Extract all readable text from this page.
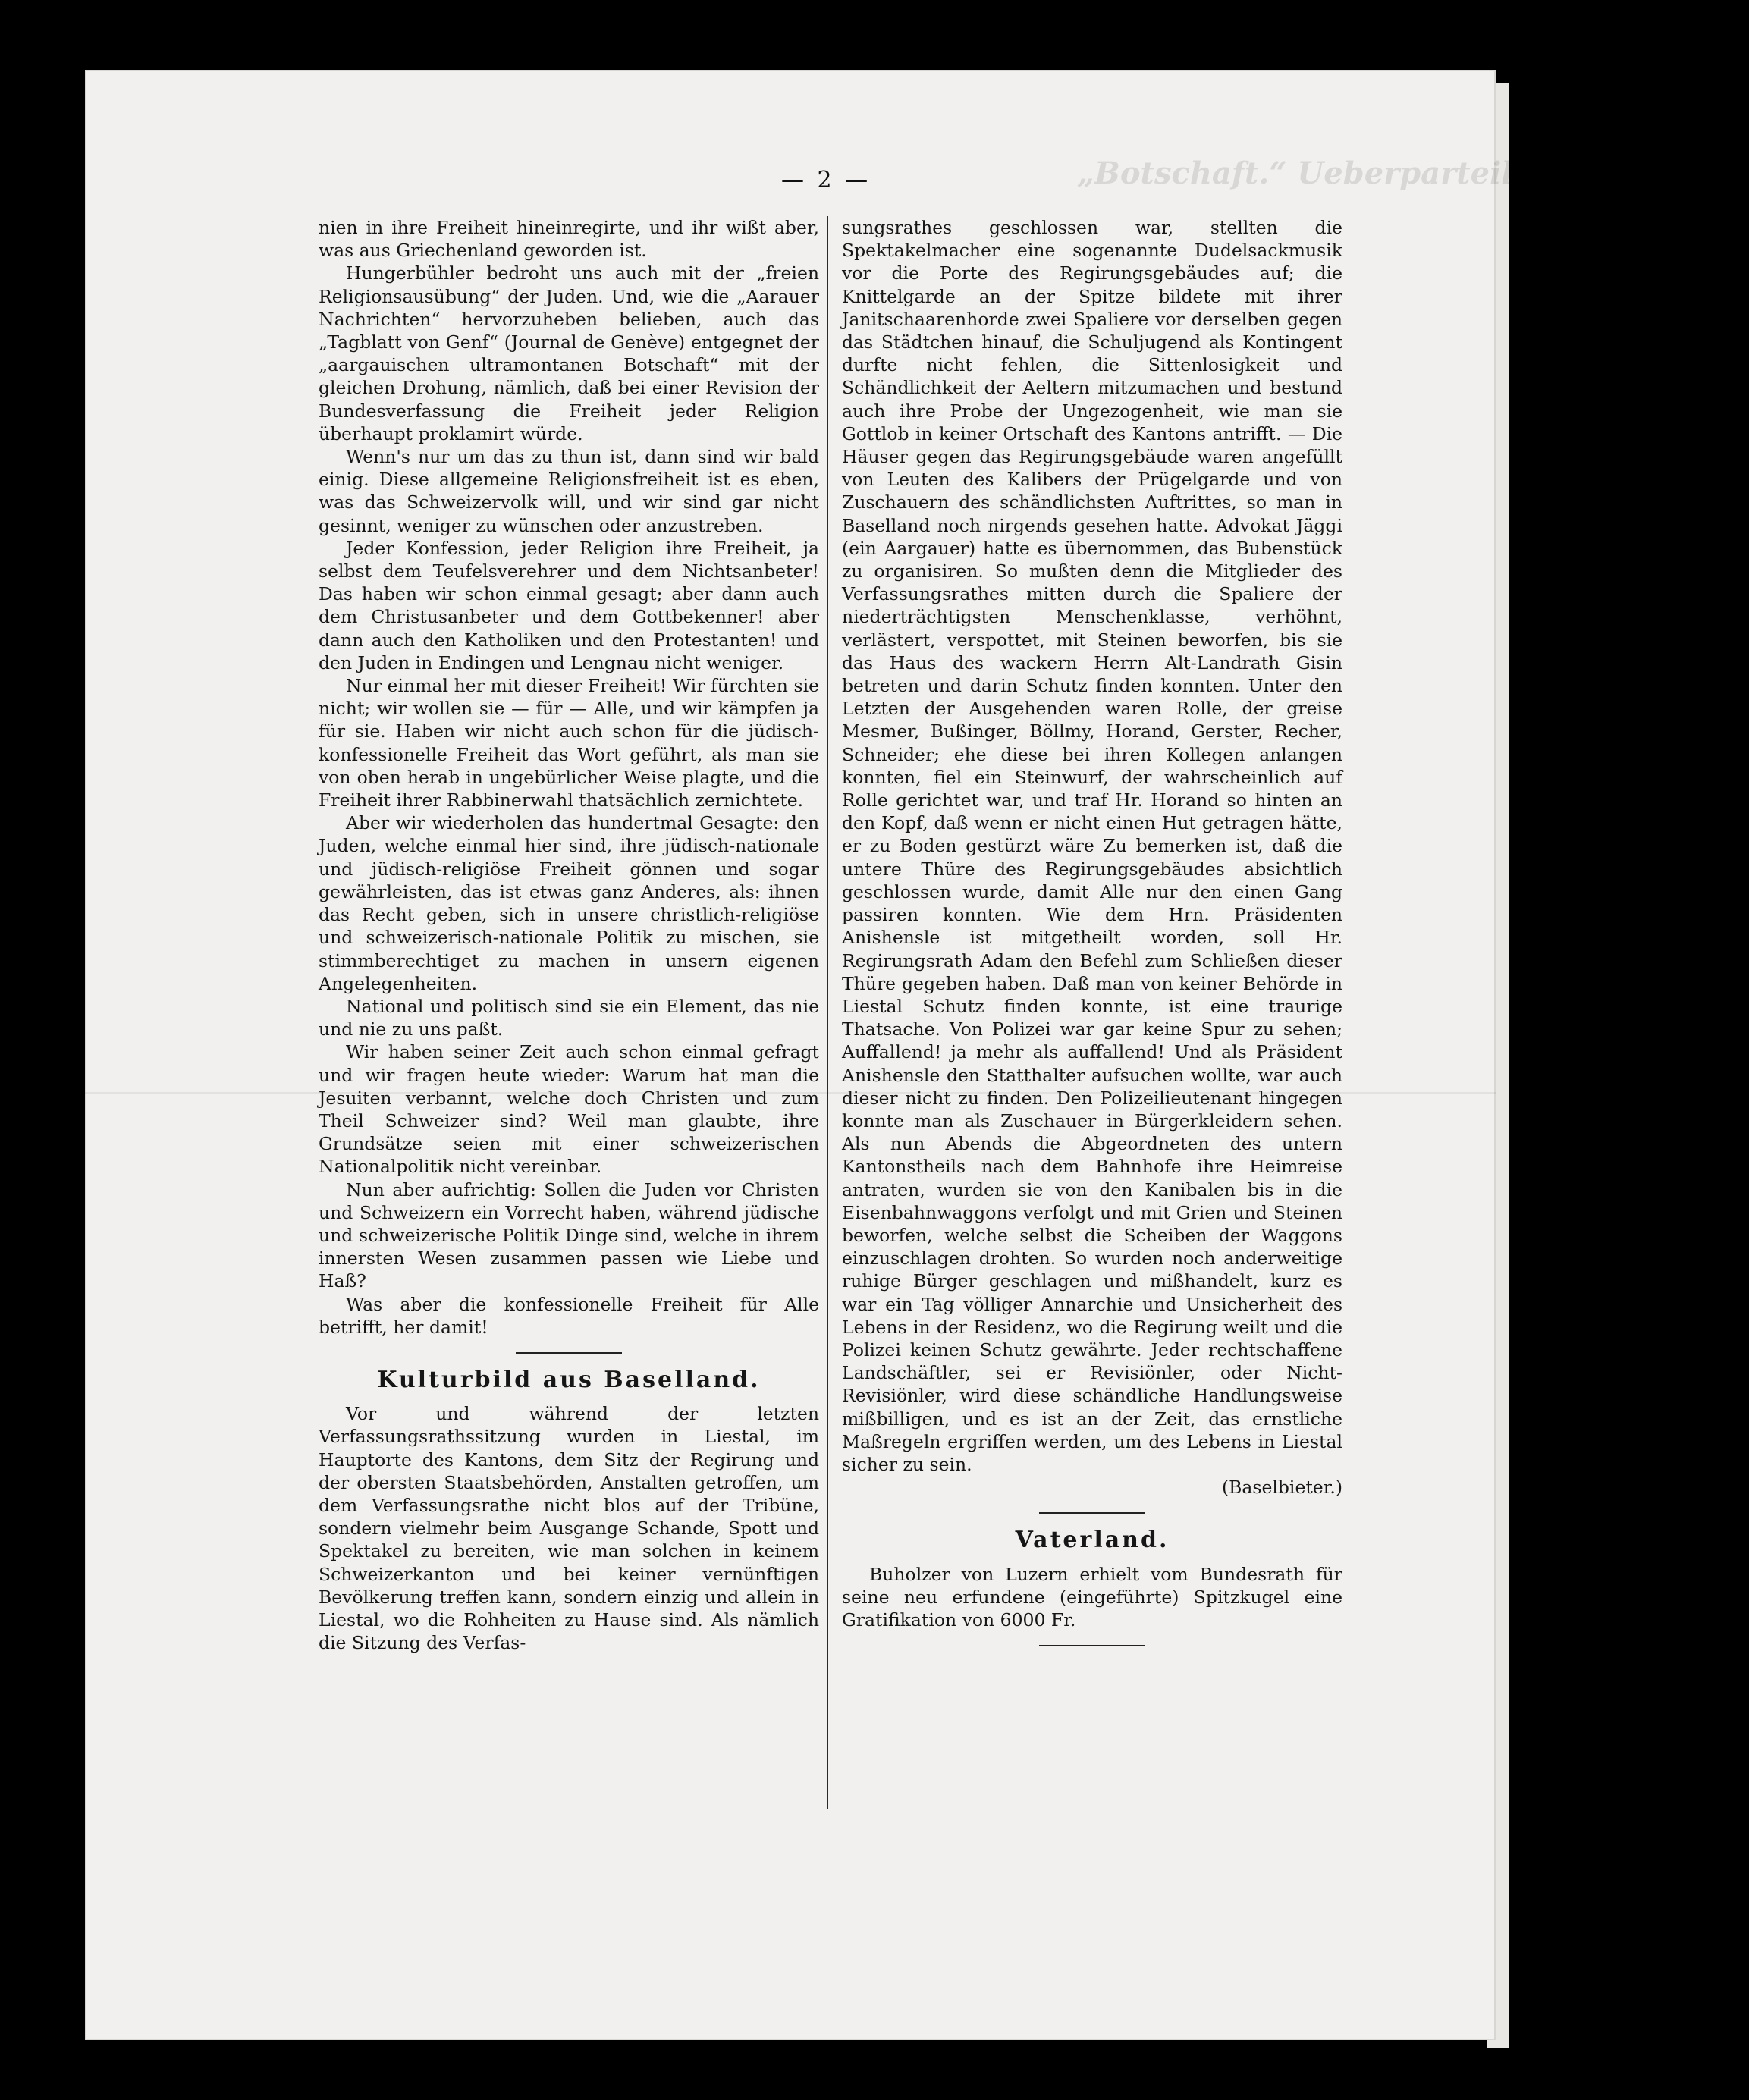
„Botschaft.“ Ueberparteiliche Ausgabe.
— 2 —

nien in ihre Freiheit hineinregirte, und ihr wißt aber, was aus Griechenland geworden ist.

Hungerbühler bedroht uns auch mit der „freien Religionsausübung“ der Juden. Und, wie die „Aarauer Nachrichten“ hervorzuheben belieben, auch das „Tagblatt von Genf“ (Journal de Genève) entgegnet der „aargauischen ultramontanen Botschaft“ mit der gleichen Drohung, nämlich, daß bei einer Revision der Bundesverfassung die Freiheit jeder Religion überhaupt proklamirt würde.

Wenn's nur um das zu thun ist, dann sind wir bald einig. Diese allgemeine Religionsfreiheit ist es eben, was das Schweizervolk will, und wir sind gar nicht gesinnt, weniger zu wünschen oder anzustreben.

Jeder Konfession, jeder Religion ihre Freiheit, ja selbst dem Teufelsverehrer und dem Nichtsanbeter! Das haben wir schon einmal gesagt; aber dann auch dem Christusanbeter und dem Gottbekenner! aber dann auch den Katholiken und den Protestanten! und den Juden in Endingen und Lengnau nicht weniger.

Nur einmal her mit dieser Freiheit! Wir fürchten sie nicht; wir wollen sie — für — Alle, und wir kämpfen ja für sie. Haben wir nicht auch schon für die jüdisch-konfessionelle Freiheit das Wort geführt, als man sie von oben herab in ungebürlicher Weise plagte, und die Freiheit ihrer Rabbinerwahl thatsächlich zernichtete.

Aber wir wiederholen das hundertmal Gesagte: den Juden, welche einmal hier sind, ihre jüdisch-nationale und jüdisch-religiöse Freiheit gönnen und sogar gewährleisten, das ist etwas ganz Anderes, als: ihnen das Recht geben, sich in unsere christlich-religiöse und schweizerisch-nationale Politik zu mischen, sie stimmberechtiget zu machen in unsern eigenen Angelegenheiten.

National und politisch sind sie ein Element, das nie und nie zu uns paßt.

Wir haben seiner Zeit auch schon einmal gefragt und wir fragen heute wieder: Warum hat man die Jesuiten verbannt, welche doch Christen und zum Theil Schweizer sind? Weil man glaubte, ihre Grundsätze seien mit einer schweizerischen Nationalpolitik nicht vereinbar.

Nun aber aufrichtig: Sollen die Juden vor Christen und Schweizern ein Vorrecht haben, während jüdische und schweizerische Politik Dinge sind, welche in ihrem innersten Wesen zusammen passen wie Liebe und Haß?

Was aber die konfessionelle Freiheit für Alle betrifft, her damit!

Kulturbild aus Baselland.

Vor und während der letzten Verfassungsrathssitzung wurden in Liestal, im Hauptorte des Kantons, dem Sitz der Regirung und der obersten Staatsbehörden, Anstalten getroffen, um dem Verfassungsrathe nicht blos auf der Tribüne, sondern vielmehr beim Ausgange Schande, Spott und Spektakel zu bereiten, wie man solchen in keinem Schweizerkanton und bei keiner vernünftigen Bevölkerung treffen kann, sondern einzig und allein in Liestal, wo die Rohheiten zu Hause sind. Als nämlich die Sitzung des Verfas-

sungsrathes geschlossen war, stellten die Spektakelmacher eine sogenannte Dudelsackmusik vor die Porte des Regirungsgebäudes auf; die Knittelgarde an der Spitze bildete mit ihrer Janitschaarenhorde zwei Spaliere vor derselben gegen das Städtchen hinauf, die Schuljugend als Kontingent durfte nicht fehlen, die Sittenlosigkeit und Schändlichkeit der Aeltern mitzumachen und bestund auch ihre Probe der Ungezogenheit, wie man sie Gottlob in keiner Ortschaft des Kantons antrifft. — Die Häuser gegen das Regirungsgebäude waren angefüllt von Leuten des Kalibers der Prügelgarde und von Zuschauern des schändlichsten Auftrittes, so man in Baselland noch nirgends gesehen hatte. Advokat Jäggi (ein Aargauer) hatte es übernommen, das Bubenstück zu organisiren. So mußten denn die Mitglieder des Verfassungsrathes mitten durch die Spaliere der niederträchtigsten Menschenklasse, verhöhnt, verlästert, verspottet, mit Steinen beworfen, bis sie das Haus des wackern Herrn Alt-Landrath Gisin betreten und darin Schutz finden konnten. Unter den Letzten der Ausgehenden waren Rolle, der greise Mesmer, Bußinger, Böllmy, Horand, Gerster, Recher, Schneider; ehe diese bei ihren Kollegen anlangen konnten, fiel ein Steinwurf, der wahrscheinlich auf Rolle gerichtet war, und traf Hr. Horand so hinten an den Kopf, daß wenn er nicht einen Hut getragen hätte, er zu Boden gestürzt wäre Zu bemerken ist, daß die untere Thüre des Regirungsgebäudes absichtlich geschlossen wurde, damit Alle nur den einen Gang passiren konnten. Wie dem Hrn. Präsidenten Anishensle ist mitgetheilt worden, soll Hr. Regirungsrath Adam den Befehl zum Schließen dieser Thüre gegeben haben. Daß man von keiner Behörde in Liestal Schutz finden konnte, ist eine traurige Thatsache. Von Polizei war gar keine Spur zu sehen; Auffallend! ja mehr als auffallend! Und als Präsident Anishensle den Statthalter aufsuchen wollte, war auch dieser nicht zu finden. Den Polizeilieutenant hingegen konnte man als Zuschauer in Bürgerkleidern sehen. Als nun Abends die Abgeordneten des untern Kantonstheils nach dem Bahnhofe ihre Heimreise antraten, wurden sie von den Kanibalen bis in die Eisenbahnwaggons verfolgt und mit Grien und Steinen beworfen, welche selbst die Scheiben der Waggons einzuschlagen drohten. So wurden noch anderweitige ruhige Bürger geschlagen und mißhandelt, kurz es war ein Tag völliger Annarchie und Unsicherheit des Lebens in der Residenz, wo die Regirung weilt und die Polizei keinen Schutz gewährte. Jeder rechtschaffene Landschäftler, sei er Revisiönler, oder Nicht-Revisiönler, wird diese schändliche Handlungsweise mißbilligen, und es ist an der Zeit, das ernstliche Maßregeln ergriffen werden, um des Lebens in Liestal sicher zu sein.

(Baselbieter.)

Vaterland.

Buholzer von Luzern erhielt vom Bundesrath für seine neu erfundene (eingeführte) Spitzkugel eine Gratifikation von 6000 Fr.
